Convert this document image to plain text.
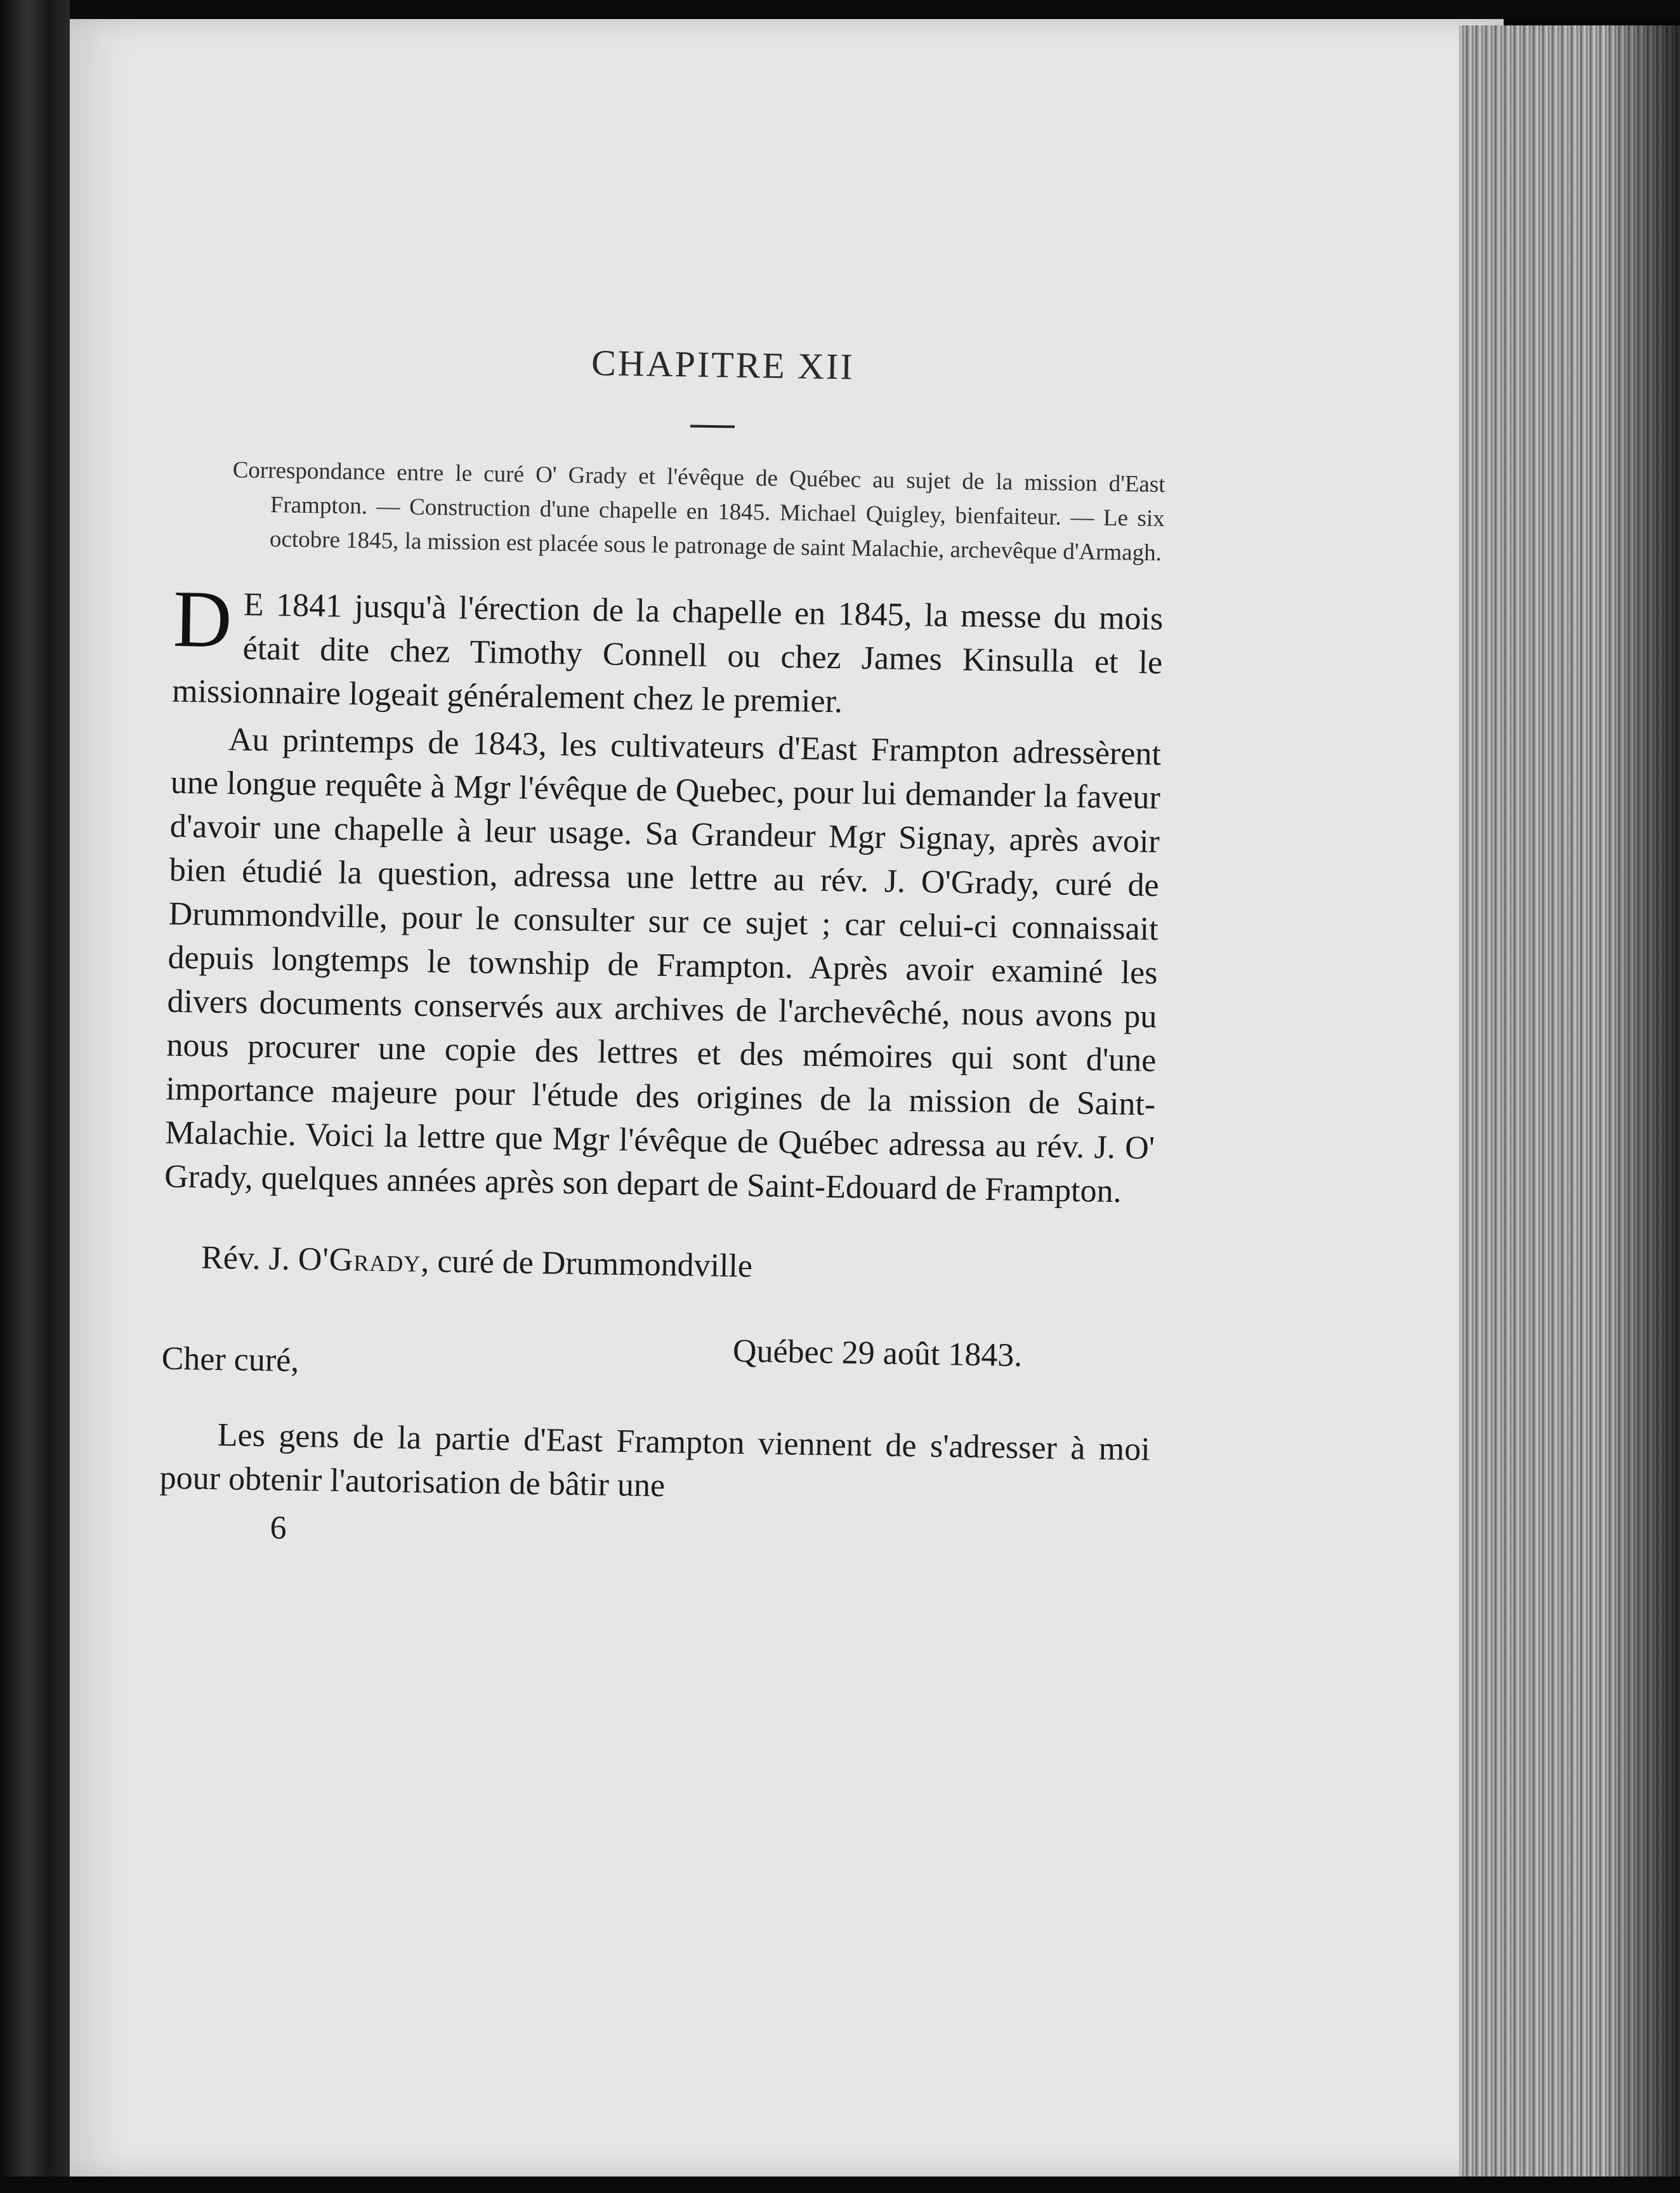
CHAPITRE XII

Correspondance entre le curé O' Grady et l'évêque de Québec au sujet de la mission d'East Frampton. — Construction d'une chapelle en 1845. Michael Quigley, bienfaiteur. — Le six octobre 1845, la mission est placée sous le patronage de saint Malachie, archevêque d'Armagh.

D E 1841 jusqu'à l'érection de la chapelle en 1845, la messe du mois était dite chez Timothy Connell ou chez James Kinsulla et le missionnaire logeait généralement chez le premier.

Au printemps de 1843, les cultivateurs d'East Frampton adressèrent une longue requête à Mgr l'évêque de Quebec, pour lui demander la faveur d'avoir une chapelle à leur usage. Sa Grandeur Mgr Signay, après avoir bien étudié la question, adressa une lettre au rév. J. O'Grady, curé de Drummondville, pour le consulter sur ce sujet ; car celui-ci connaissait depuis longtemps le township de Frampton. Après avoir examiné les divers documents conservés aux archives de l'archevêché, nous avons pu nous procurer une copie des lettres et des mémoires qui sont d'une importance majeure pour l'étude des origines de la mission de Saint-Malachie. Voici la lettre que Mgr l'évêque de Québec adressa au rév. J. O' Grady, quelques années après son depart de Saint-Edouard de Frampton.

Rév. J. O'Grady, curé de Drummondville

Cher curé,	Québec 29 août 1843.

Les gens de la partie d'East Frampton viennent de s'adresser à moi pour obtenir l'autorisation de bâtir une

6
